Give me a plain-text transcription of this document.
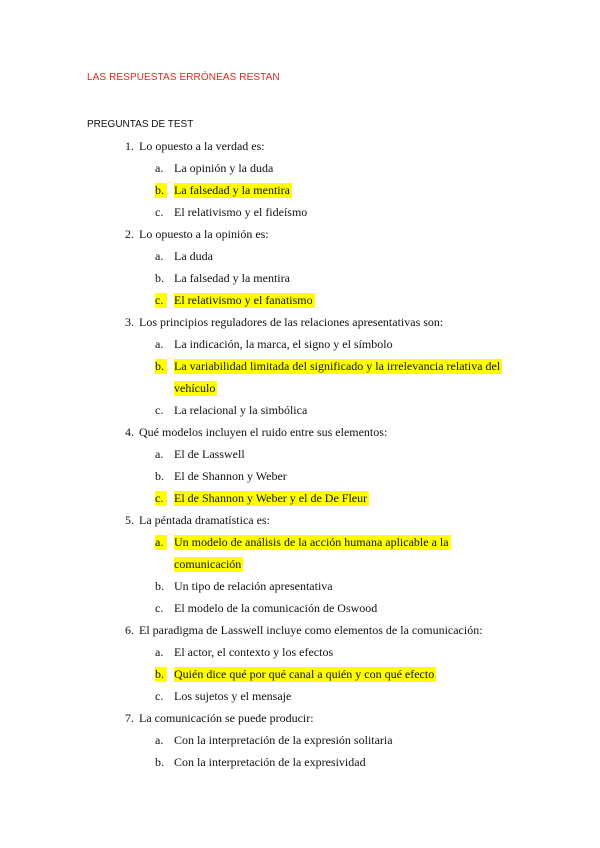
LAS RESPUESTAS ERRÓNEAS RESTAN
PREGUNTAS DE TEST
1. Lo opuesto a la verdad es:
a. La opinión y la duda
b. La falsedad y la mentira
c. El relativismo y el fideísmo
2. Lo opuesto a la opinión es:
a. La duda
b. La falsedad y la mentira
c. El relativismo y el fanatismo
3. Los principios reguladores de las relaciones apresentativas son:
a. La indicación, la marca, el signo y el símbolo
b. La variabilidad limitada del significado y la irrelevancia relativa del
vehículo
c. La relacional y la simbólica
4. Qué modelos incluyen el ruido entre sus elementos:
a. El de Lasswell
b. El de Shannon y Weber
c. El de Shannon y Weber y el de De Fleur
5. La péntada dramatística es:
a. Un modelo de análisis de la acción humana aplicable a la
comunicación
b. Un tipo de relación apresentativa
c. El modelo de la comunicación de Oswood
6. El paradigma de Lasswell incluye como elementos de la comunicación:
a. El actor, el contexto y los efectos
b. Quién dice qué por qué canal a quién y con qué efecto
c. Los sujetos y el mensaje
7. La comunicación se puede producir:
a. Con la interpretación de la expresión solitaria
b. Con la interpretación de la expresividad
